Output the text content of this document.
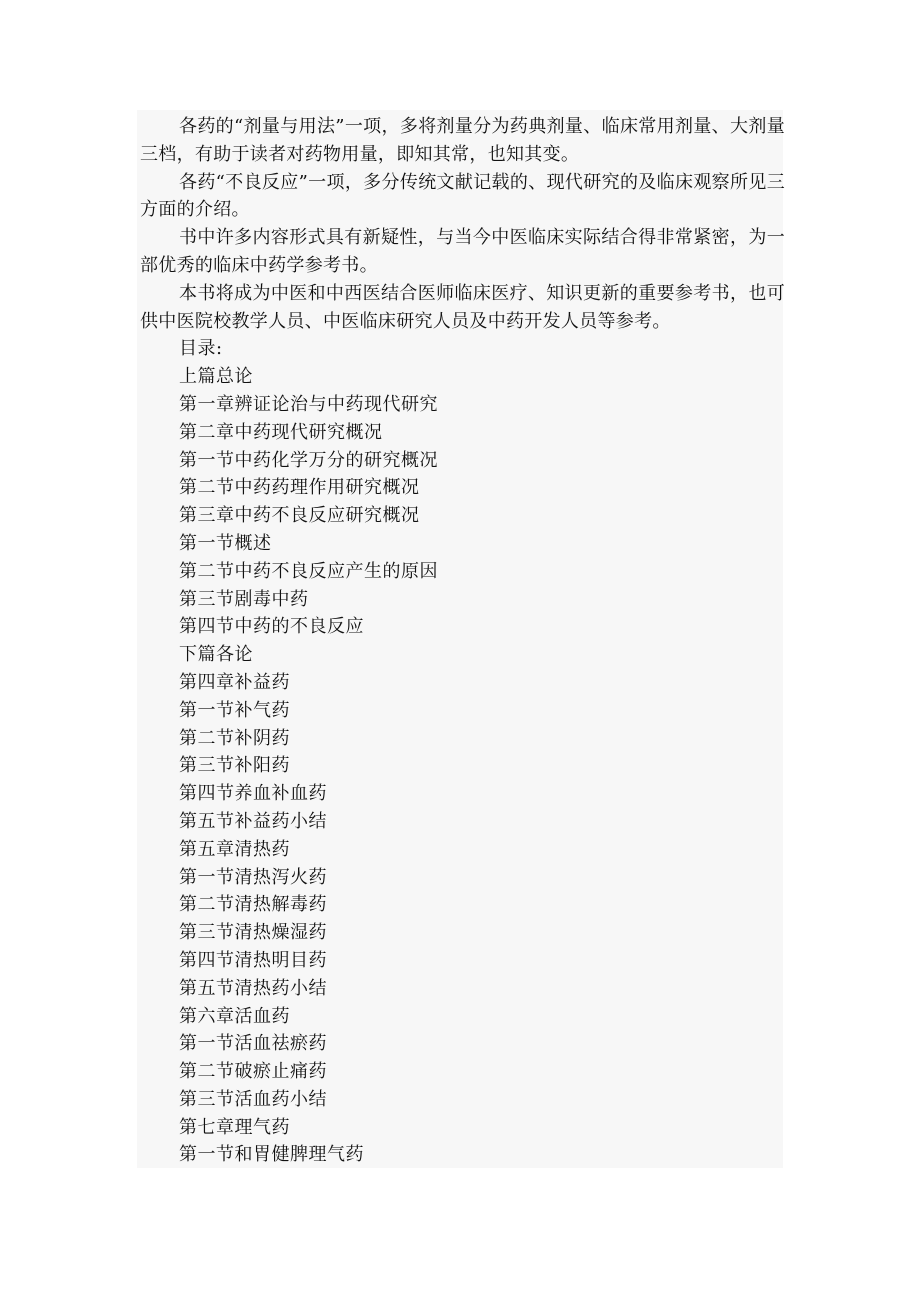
各药的“剂量与用法”一项，多将剂量分为药典剂量、临床常用剂量、大剂量三档，有助于读者对药物用量，即知其常，也知其变。

各药“不良反应”一项，多分传统文献记载的、现代研究的及临床观察所见三方面的介绍。

书中许多内容形式具有新疑性，与当今中医临床实际结合得非常紧密，为一部优秀的临床中药学参考书。

本书将成为中医和中西医结合医师临床医疗、知识更新的重要参考书，也可供中医院校教学人员、中医临床研究人员及中药开发人员等参考。

目录:

上篇总论

第一章辨证论治与中药现代研究

第二章中药现代研究概况

第一节中药化学万分的研究概况

第二节中药药理作用研究概况

第三章中药不良反应研究概况

第一节概述

第二节中药不良反应产生的原因

第三节剧毒中药

第四节中药的不良反应

下篇各论

第四章补益药

第一节补气药

第二节补阴药

第三节补阳药

第四节养血补血药

第五节补益药小结

第五章清热药

第一节清热泻火药

第二节清热解毒药

第三节清热燥湿药

第四节清热明目药

第五节清热药小结

第六章活血药

第一节活血祛瘀药

第二节破瘀止痛药

第三节活血药小结

第七章理气药

第一节和胃健脾理气药
